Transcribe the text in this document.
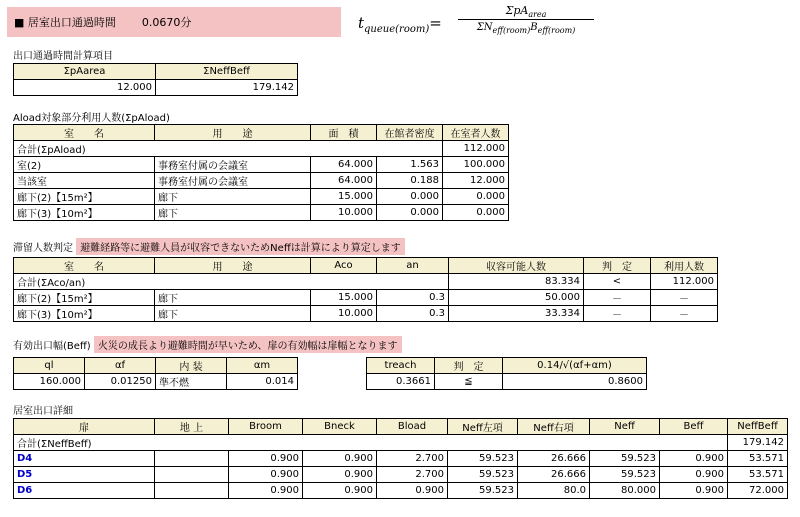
■ 居室出口通過時間 0.0670分	$t_{queue(room)}=$
ΣpA$_{area}$
$\Sigma N_{eff(room)}B_{eff(room)}$
出口通過時間計算項目
ΣpAarea	ΣNeffBeff
12.000	179.142
Aload対象部分利用人数(ΣpAload)
室　　名	用　　途	面　積	在館者密度	在室者人数
合計(ΣpAload)				112.000
室(2)	事務室付属の会議室	64.000	1.563	100.000
当該室	事務室付属の会議室	64.000	0.188	12.000
廊下(2)【15m²】	廊下	15.000	0.000	0.000
廊下(3)【10m²】	廊下	10.000	0.000	0.000
滞留人数判定 避難経路等に避難人員が収容できないためNeffは計算により算定します
室　　名	用　　途	Aco	an	収容可能人数	判　定	利用人数
合計(ΣAco/an)				83.334	<	112.000
廊下(2)【15m²】	廊下	15.000	0.3	50.000	－	－
廊下(3)【10m²】	廊下	10.000	0.3	33.334	－	－
有効出口幅(Beff) 火災の成長より避難時間が早いため、扉の有効幅は扉幅となります
ql	αf	内 装	αm
160.000	0.01250	準不燃	0.014
treach	判　定	0.14/√(αf+αm)
0.3661	≦	0.8600
居室出口詳細
扉	地 上	Broom	Bneck	Bload	Neff左項	Neff右項	Neff	Beff	NeffBeff
合計(ΣNeffBeff)									179.142
D4		0.900	0.900	2.700	59.523	26.666	59.523	0.900	53.571
D5		0.900	0.900	2.700	59.523	26.666	59.523	0.900	53.571
D6		0.900	0.900	0.900	59.523	80.0	80.000	0.900	72.000
